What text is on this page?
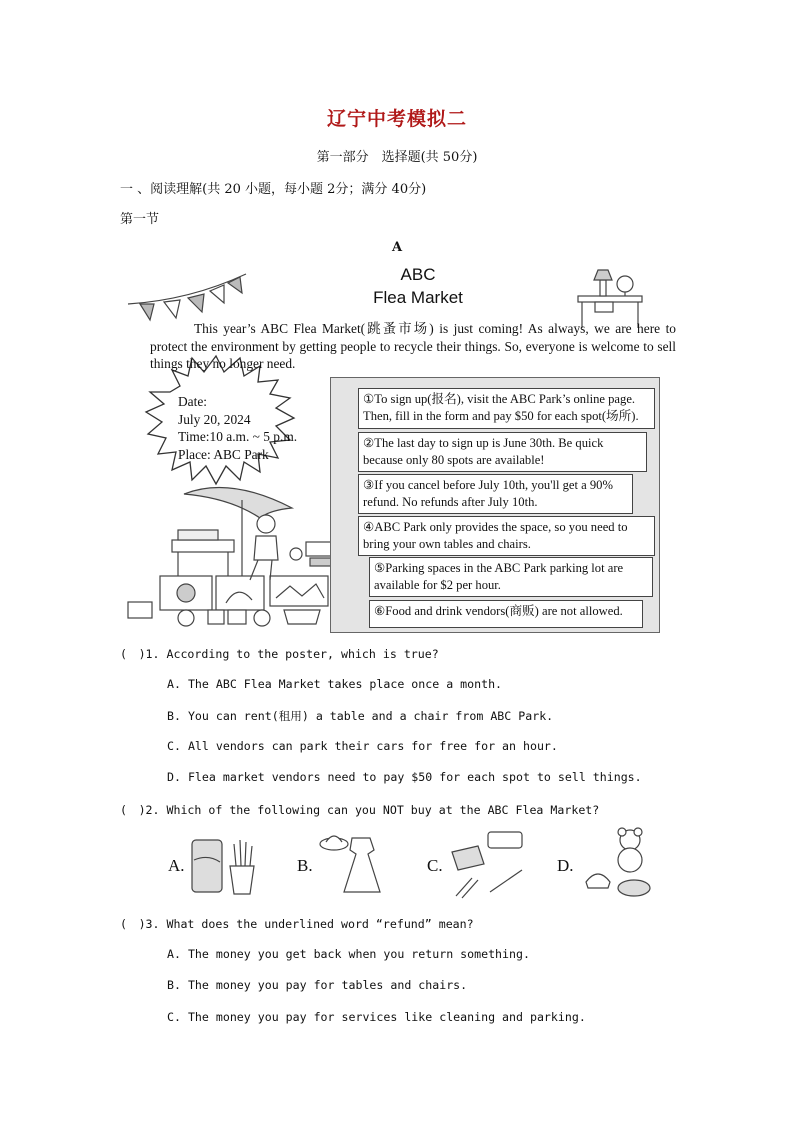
辽宁中考模拟二
第一部分　选择题(共 50分)
一 、阅读理解(共 20 小题，每小题 2分；满分 40分)
第一节
A
ABC
Flea Market
This year’s ABC Flea Market(跳蚤市场) is just coming! As always, we are here to protect the environment by getting people to recycle their things. So, everyone is welcome to sell things they no longer need.
Date:
July 20, 2024
Time:10 a.m. ~ 5 p.m.
Place: ABC Park
①To sign up(报名), visit the ABC Park’s online page. Then, fill in the form and pay $50 for each spot(场所).
②The last day to sign up is June 30th. Be quick because only 80 spots are available!
③If you cancel before July 10th, you'll get a 90% refund. No refunds after July 10th.
④ABC Park only provides the space, so you need to bring your own tables and chairs.
⑤Parking spaces in the ABC Park parking lot are available for $2 per hour.
⑥Food and drink vendors(商贩) are not allowed.
(　)1. According to the poster, which is true?
A. The ABC Flea Market takes place once a month.
B. You can rent(租用) a table and a chair from ABC Park.
C. All vendors can park their cars for free for an hour.
D. Flea market vendors need to pay $50 for each spot to sell things.
(　)2. Which of the following can you NOT buy at the ABC Flea Market?
A.	B.	C.	D.
(　)3. What does the underlined word “refund” mean?
A. The money you get back when you return something.
B. The money you pay for tables and chairs.
C. The money you pay for services like cleaning and parking.
